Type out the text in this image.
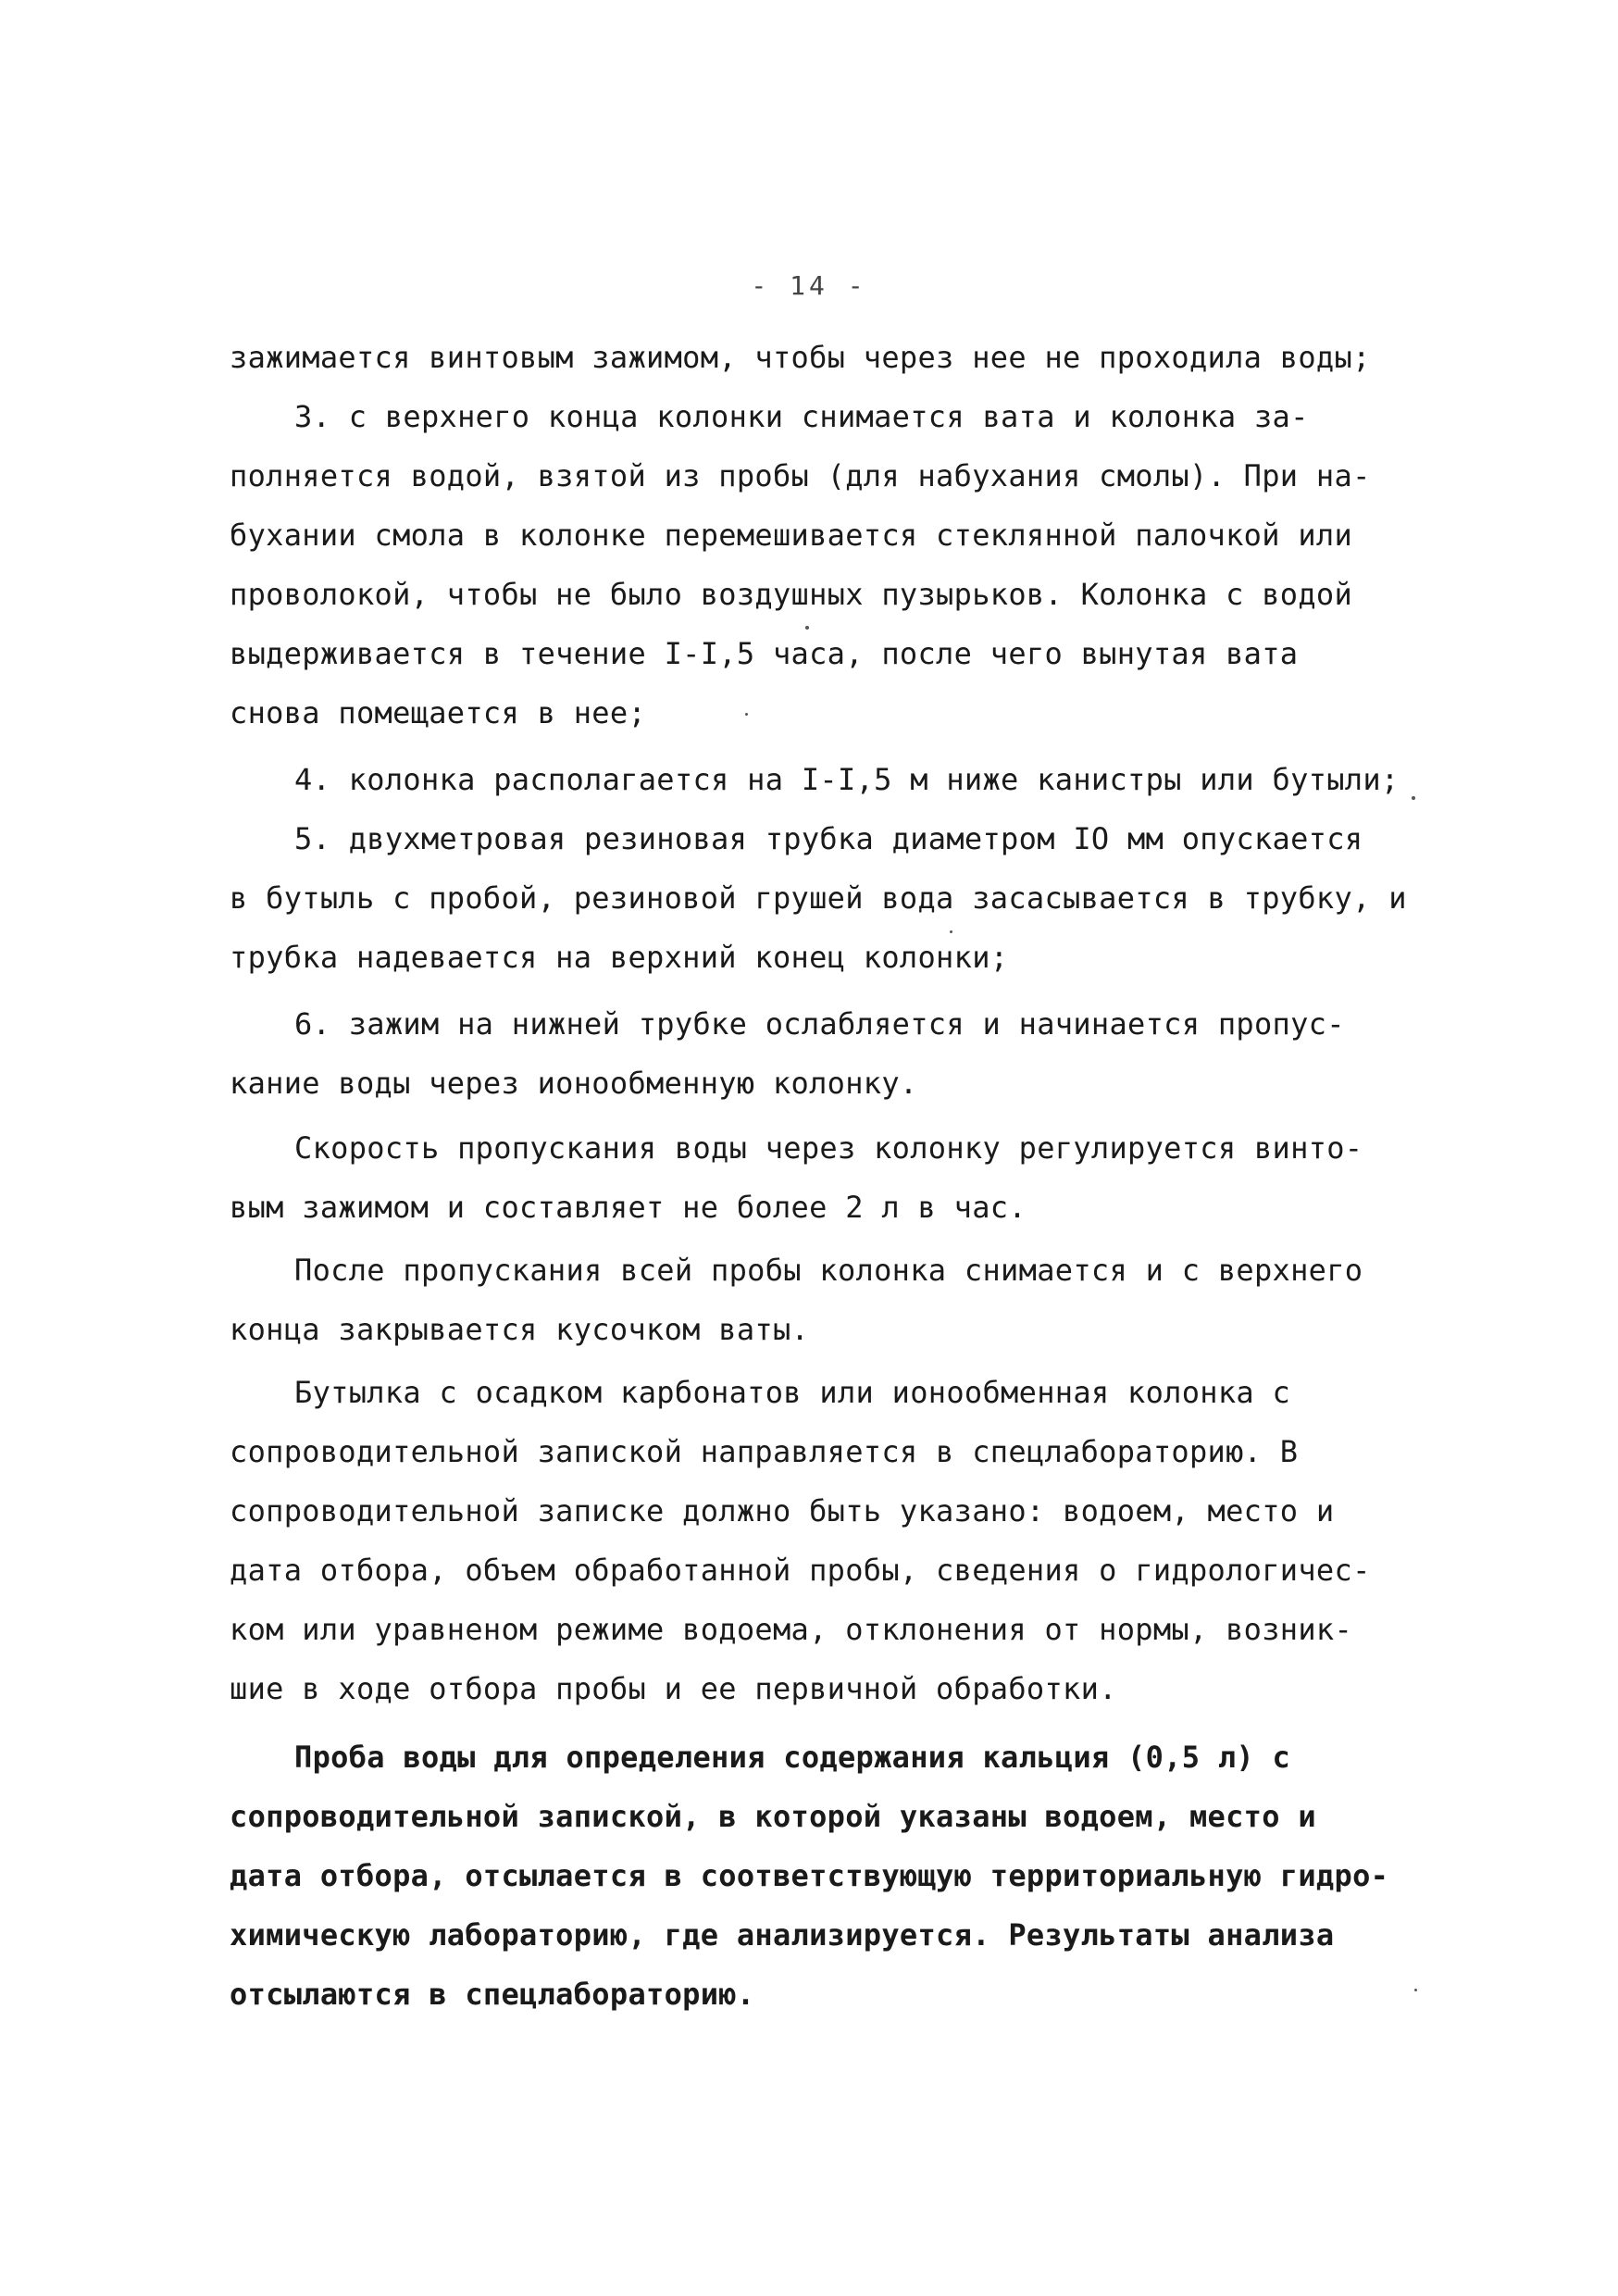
- 14 -
зажимается винтовым зажимом, чтобы через нее не проходила воды;
3. с верхнего конца колонки снимается вата и колонка за-
полняется водой, взятой из пробы (для набухания смолы). При на-
бухании смола в колонке перемешивается стеклянной палочкой или
проволокой, чтобы не было воздушных пузырьков. Колонка с водой
выдерживается в течение I-I,5 часа, после чего вынутая вата
снова помещается в нее;
4. колонка располагается на I-I,5 м ниже канистры или бутыли;
5. двухметровая резиновая трубка диаметром IO мм опускается
в бутыль с пробой, резиновой грушей вода засасывается в трубку, и
трубка надевается на верхний конец колонки;
6. зажим на нижней трубке ослабляется и начинается пропус-
кание воды через ионообменную колонку.
Скорость пропускания воды через колонку регулируется винто-
вым зажимом и составляет не более 2 л в час.
После пропускания всей пробы колонка снимается и с верхнего
конца закрывается кусочком ваты.
Бутылка с осадком карбонатов или ионообменная колонка с
сопроводительной запиской направляется в спецлабораторию. В
сопроводительной записке должно быть указано: водоем, место и
дата отбора, объем обработанной пробы, сведения о гидрологичес-
ком или уравненом режиме водоема, отклонения от нормы, возник-
шие в ходе отбора пробы и ее первичной обработки.
Проба воды для определения содержания кальция (0,5 л) с
сопроводительной запиской, в которой указаны водоем, место и
дата отбора, отсылается в соответствующую территориальную гидро-
химическую лабораторию, где анализируется. Результаты анализа
отсылаются в спецлабораторию.
